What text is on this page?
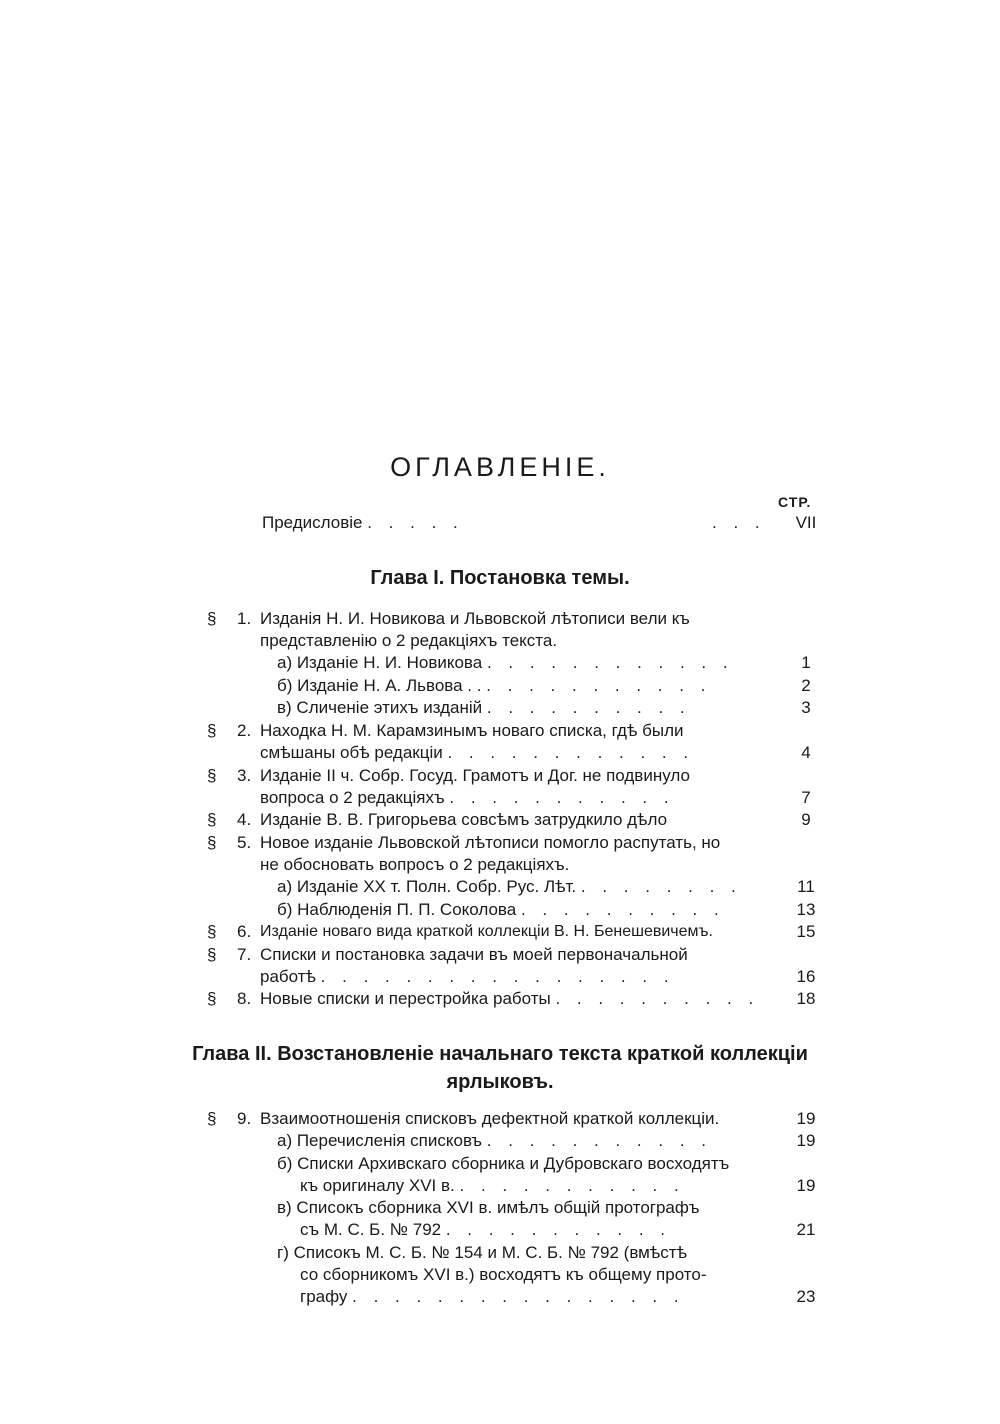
ОГЛАВЛЕНIЕ.
СТР.
Предисловiе . . . . .	. . .	VII
Глава I. Постановка темы.
§ 1. Изданiя Н. И. Новикова и Львовской лѣтописи вели къ
представленiю о 2 редакцiяхъ текста.
а) Изданiе Н. И. Новикова . . . . . . . . . . . .	1
б) Изданiе Н. А. Львова . . . . . . . . . . . . .	2
в) Сличенiе этихъ изданiй . . . . . . . . . .	3
§ 2. Находка Н. М. Карамзинымъ новаго списка, гдѣ были
смѣшаны обѣ редакцiи . . . . . . . . . . . .	4
§ 3. Изданiе II ч. Собр. Госуд. Грамотъ и Дог. не подвинуло
вопроса о 2 редакцiяхъ . . . . . . . . . . .	7
§ 4. Изданiе В. В. Григорьева совсѣмъ затрудкило дѣло	9
§ 5. Новое изданiе Львовской лѣтописи помогло распутать, но
не обосновать вопросъ о 2 редакцiяхъ.
а) Изданiе XX т. Полн. Собр. Рус. Лѣт. . . . . . . . .	11
б) Наблюденiя П. П. Соколова . . . . . . . . . .	13
§ 6. Изданiе новаго вида краткой коллекцiи В. Н. Бенешевичемъ.	15
§ 7. Списки и постановка задачи въ моей первоначальной
работѣ . . . . . . . . . . . . . . . . .	16
§ 8. Новые списки и перестройка работы . . . . . . . . . .	18
Глава II. Возстановленiе начальнаго текста краткой коллекцiи
ярлыковъ.
§ 9. Взаимоотношенiя списковъ дефектной краткой коллекцiи.	19
а) Перечисленiя списковъ . . . . . . . . . . .	19
б) Списки Архивскаго сборника и Дубровскаго восходятъ
къ оригиналу XVI в. . . . . . . . . . . .	19
в) Списокъ сборника XVI в. имѣлъ общiй протографъ
съ М. С. Б. № 792 . . . . . . . . . . .	21
г) Списокъ М. С. Б. № 154 и М. С. Б. № 792 (вмѣстѣ
со сборникомъ XVI в.) восходятъ къ общему прото-
графу . . . . . . . . . . . . . . . .	23
